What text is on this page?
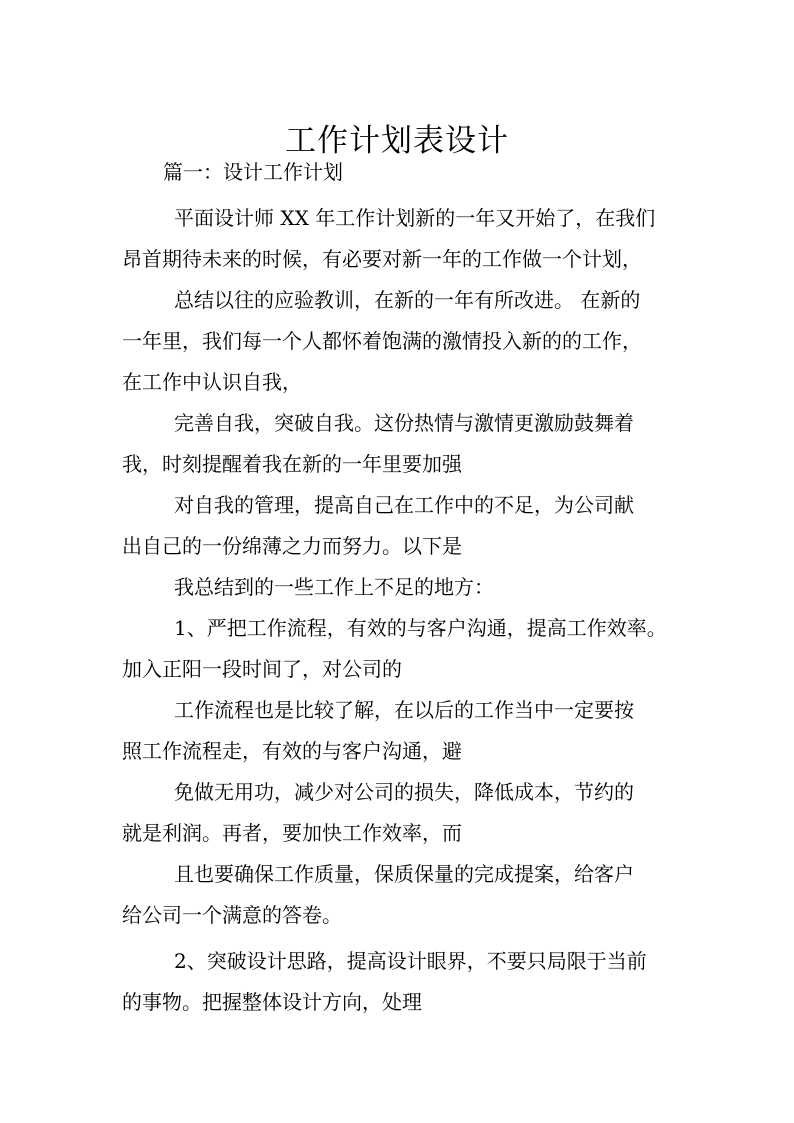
工作计划表设计
篇一：设计工作计划
平面设计师 XX 年工作计划新的一年又开始了，在我们
昂首期待未来的时候，有必要对新一年的工作做一个计划，
总结以往的应验教训，在新的一年有所改进。 在新的
一年里，我们每一个人都怀着饱满的激情投入新的的工作，
在工作中认识自我，
完善自我，突破自我。这份热情与激情更激励鼓舞着
我，时刻提醒着我在新的一年里要加强
对自我的管理，提高自己在工作中的不足，为公司献
出自己的一份绵薄之力而努力。以下是
我总结到的一些工作上不足的地方：
1、严把工作流程，有效的与客户沟通，提高工作效率。
加入正阳一段时间了，对公司的
工作流程也是比较了解，在以后的工作当中一定要按
照工作流程走，有效的与客户沟通，避
免做无用功，减少对公司的损失，降低成本，节约的
就是利润。再者，要加快工作效率，而
且也要确保工作质量，保质保量的完成提案，给客户
给公司一个满意的答卷。
2、突破设计思路，提高设计眼界，不要只局限于当前
的事物。把握整体设计方向，处理
